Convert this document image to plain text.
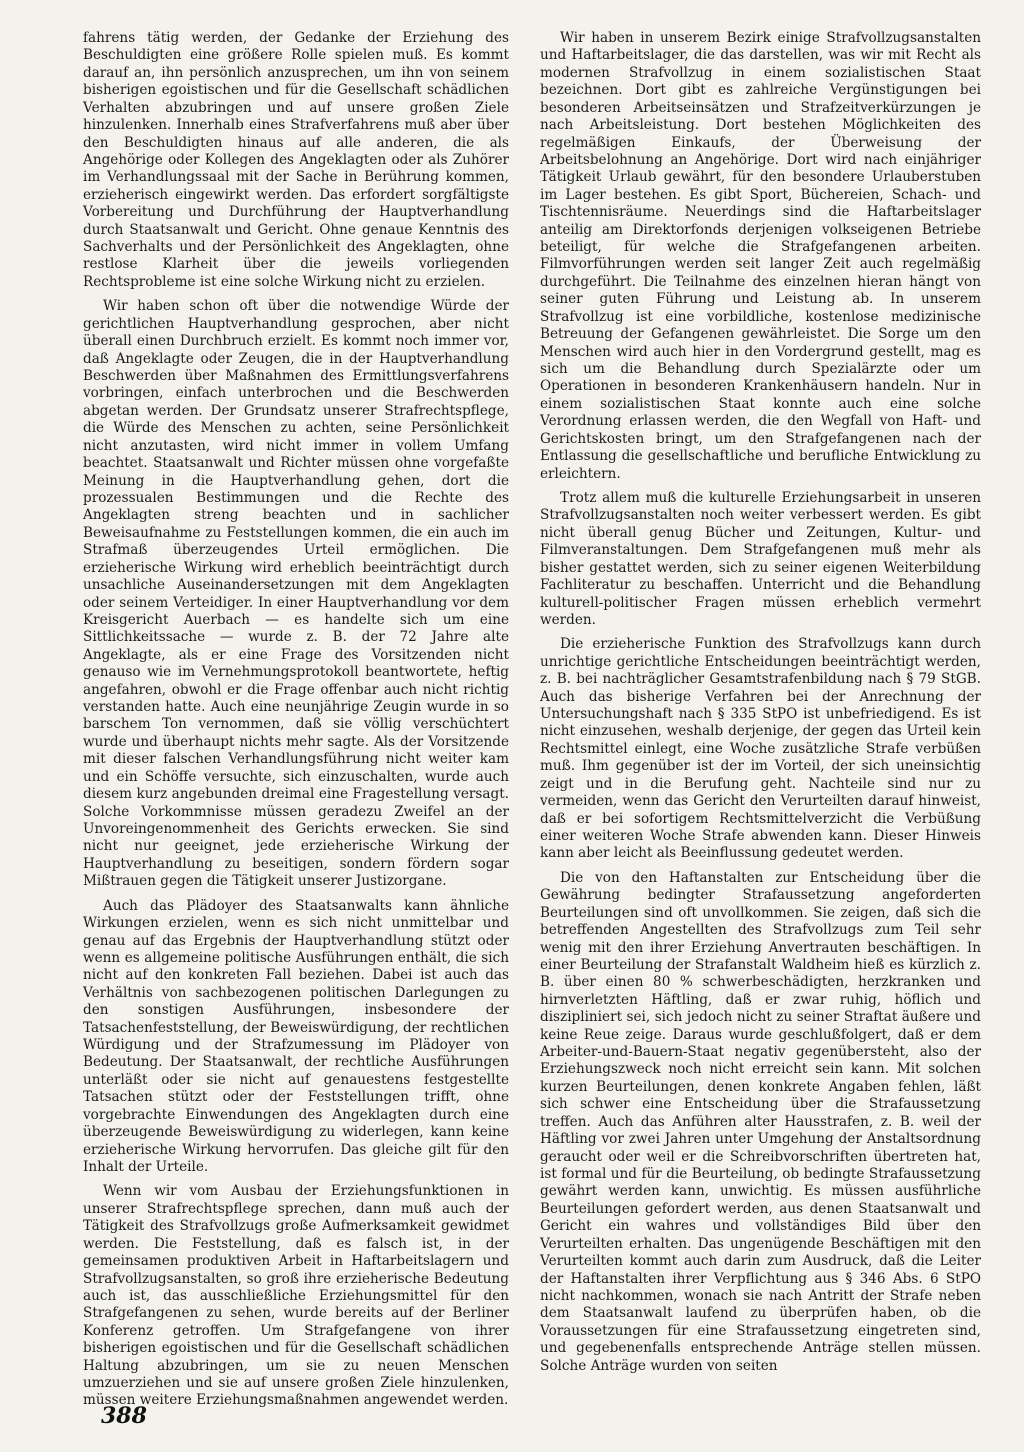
fahrens tätig werden, der Gedanke der Erziehung des Beschuldigten eine größere Rolle spielen muß. Es kommt darauf an, ihn persönlich anzusprechen, um ihn von seinem bisherigen egoistischen und für die Gesellschaft schädlichen Verhalten abzubringen und auf unsere großen Ziele hinzulenken. Innerhalb eines Strafverfahrens muß aber über den Beschuldigten hinaus auf alle anderen, die als Angehörige oder Kollegen des Angeklagten oder als Zuhörer im Verhandlungssaal mit der Sache in Berührung kommen, erzieherisch eingewirkt werden. Das erfordert sorgfältigste Vorbereitung und Durchführung der Hauptverhandlung durch Staatsanwalt und Gericht. Ohne genaue Kenntnis des Sachverhalts und der Persönlichkeit des Angeklagten, ohne restlose Klarheit über die jeweils vorliegenden Rechtsprobleme ist eine solche Wirkung nicht zu erzielen.

Wir haben schon oft über die notwendige Würde der gerichtlichen Hauptverhandlung gesprochen, aber nicht überall einen Durchbruch erzielt. Es kommt noch immer vor, daß Angeklagte oder Zeugen, die in der Hauptverhandlung Beschwerden über Maßnahmen des Ermittlungsverfahrens vorbringen, einfach unterbrochen und die Beschwerden abgetan werden. Der Grundsatz unserer Strafrechtspflege, die Würde des Menschen zu achten, seine Persönlichkeit nicht anzutasten, wird nicht immer in vollem Umfang beachtet. Staatsanwalt und Richter müssen ohne vorgefaßte Meinung in die Hauptverhandlung gehen, dort die prozessualen Bestimmungen und die Rechte des Angeklagten streng beachten und in sachlicher Beweisaufnahme zu Feststellungen kommen, die ein auch im Strafmaß überzeugendes Urteil ermöglichen. Die erzieherische Wirkung wird erheblich beeinträchtigt durch unsachliche Auseinandersetzungen mit dem Angeklagten oder seinem Verteidiger. In einer Hauptverhandlung vor dem Kreisgericht Auerbach — es handelte sich um eine Sittlichkeitssache — wurde z. B. der 72 Jahre alte Angeklagte, als er eine Frage des Vorsitzenden nicht genauso wie im Vernehmungsprotokoll beantwortete, heftig angefahren, obwohl er die Frage offenbar auch nicht richtig verstanden hatte. Auch eine neunjährige Zeugin wurde in so barschem Ton vernommen, daß sie völlig verschüchtert wurde und überhaupt nichts mehr sagte. Als der Vorsitzende mit dieser falschen Verhandlungsführung nicht weiter kam und ein Schöffe versuchte, sich einzuschalten, wurde auch diesem kurz angebunden dreimal eine Fragestellung versagt. Solche Vorkommnisse müssen geradezu Zweifel an der Unvoreingenommenheit des Gerichts erwecken. Sie sind nicht nur geeignet, jede erzieherische Wirkung der Hauptverhandlung zu beseitigen, sondern fördern sogar Mißtrauen gegen die Tätigkeit unserer Justizorgane.

Auch das Plädoyer des Staatsanwalts kann ähnliche Wirkungen erzielen, wenn es sich nicht unmittelbar und genau auf das Ergebnis der Hauptverhandlung stützt oder wenn es allgemeine politische Ausführungen enthält, die sich nicht auf den konkreten Fall beziehen. Dabei ist auch das Verhältnis von sachbezogenen politischen Darlegungen zu den sonstigen Ausführungen, insbesondere der Tatsachenfeststellung, der Beweiswürdigung, der rechtlichen Würdigung und der Strafzumessung im Plädoyer von Bedeutung. Der Staatsanwalt, der rechtliche Ausführungen unterläßt oder sie nicht auf genauestens festgestellte Tatsachen stützt oder der Feststellungen trifft, ohne vorgebrachte Einwendungen des Angeklagten durch eine überzeugende Beweiswürdigung zu widerlegen, kann keine erzieherische Wirkung hervorrufen. Das gleiche gilt für den Inhalt der Urteile.

Wenn wir vom Ausbau der Erziehungsfunktionen in unserer Strafrechtspflege sprechen, dann muß auch der Tätigkeit des Strafvollzugs große Aufmerksamkeit gewidmet werden. Die Feststellung, daß es falsch ist, in der gemeinsamen produktiven Arbeit in Haftarbeitslagern und Strafvollzugsanstalten, so groß ihre erzieherische Bedeutung auch ist, das ausschließliche Erziehungsmittel für den Strafgefangenen zu sehen, wurde bereits auf der Berliner Konferenz getroffen. Um Strafgefangene von ihrer bisherigen egoistischen und für die Gesellschaft schädlichen Haltung abzubringen, um sie zu neuen Menschen umzuerziehen und sie auf unsere großen Ziele hinzulenken, müssen weitere Erziehungsmaßnahmen angewendet werden.

Wir haben in unserem Bezirk einige Strafvollzugsanstalten und Haftarbeitslager, die das darstellen, was wir mit Recht als modernen Strafvollzug in einem sozialistischen Staat bezeichnen. Dort gibt es zahlreiche Vergünstigungen bei besonderen Arbeitseinsätzen und Strafzeitverkürzungen je nach Arbeitsleistung. Dort bestehen Möglichkeiten des regelmäßigen Einkaufs, der Überweisung der Arbeitsbelohnung an Angehörige. Dort wird nach einjähriger Tätigkeit Urlaub gewährt, für den besondere Urlauberstuben im Lager bestehen. Es gibt Sport, Büchereien, Schach- und Tischtennisräume. Neuerdings sind die Haftarbeitslager anteilig am Direktorfonds derjenigen volkseigenen Betriebe beteiligt, für welche die Strafgefangenen arbeiten. Filmvorführungen werden seit langer Zeit auch regelmäßig durchgeführt. Die Teilnahme des einzelnen hieran hängt von seiner guten Führung und Leistung ab. In unserem Strafvollzug ist eine vorbildliche, kostenlose medizinische Betreuung der Gefangenen gewährleistet. Die Sorge um den Menschen wird auch hier in den Vordergrund gestellt, mag es sich um die Behandlung durch Spezialärzte oder um Operationen in besonderen Krankenhäusern handeln. Nur in einem sozialistischen Staat konnte auch eine solche Verordnung erlassen werden, die den Wegfall von Haft- und Gerichtskosten bringt, um den Strafgefangenen nach der Entlassung die gesellschaftliche und berufliche Entwicklung zu erleichtern.

Trotz allem muß die kulturelle Erziehungsarbeit in unseren Strafvollzugsanstalten noch weiter verbessert werden. Es gibt nicht überall genug Bücher und Zeitungen, Kultur- und Filmveranstaltungen. Dem Strafgefangenen muß mehr als bisher gestattet werden, sich zu seiner eigenen Weiterbildung Fachliteratur zu beschaffen. Unterricht und die Behandlung kulturell-politischer Fragen müssen erheblich vermehrt werden.

Die erzieherische Funktion des Strafvollzugs kann durch unrichtige gerichtliche Entscheidungen beeinträchtigt werden, z. B. bei nachträglicher Gesamtstrafenbildung nach § 79 StGB. Auch das bisherige Verfahren bei der Anrechnung der Untersuchungshaft nach § 335 StPO ist unbefriedigend. Es ist nicht einzusehen, weshalb derjenige, der gegen das Urteil kein Rechtsmittel einlegt, eine Woche zusätzliche Strafe verbüßen muß. Ihm gegenüber ist der im Vorteil, der sich uneinsichtig zeigt und in die Berufung geht. Nachteile sind nur zu vermeiden, wenn das Gericht den Verurteilten darauf hinweist, daß er bei sofortigem Rechtsmittelverzicht die Verbüßung einer weiteren Woche Strafe abwenden kann. Dieser Hinweis kann aber leicht als Beeinflussung gedeutet werden.

Die von den Haftanstalten zur Entscheidung über die Gewährung bedingter Strafaussetzung angeforderten Beurteilungen sind oft unvollkommen. Sie zeigen, daß sich die betreffenden Angestellten des Strafvollzugs zum Teil sehr wenig mit den ihrer Erziehung Anvertrauten beschäftigen. In einer Beurteilung der Strafanstalt Waldheim hieß es kürzlich z. B. über einen 80 % schwerbeschädigten, herzkranken und hirnverletzten Häftling, daß er zwar ruhig, höflich und diszipliniert sei, sich jedoch nicht zu seiner Straftat äußere und keine Reue zeige. Daraus wurde geschlußfolgert, daß er dem Arbeiter-und-Bauern-Staat negativ gegenübersteht, also der Erziehungszweck noch nicht erreicht sein kann. Mit solchen kurzen Beurteilungen, denen konkrete Angaben fehlen, läßt sich schwer eine Entscheidung über die Strafaussetzung treffen. Auch das Anführen alter Hausstrafen, z. B. weil der Häftling vor zwei Jahren unter Umgehung der Anstaltsordnung geraucht oder weil er die Schreibvorschriften übertreten hat, ist formal und für die Beurteilung, ob bedingte Strafaussetzung gewährt werden kann, unwichtig. Es müssen ausführliche Beurteilungen gefordert werden, aus denen Staatsanwalt und Gericht ein wahres und vollständiges Bild über den Verurteilten erhalten. Das ungenügende Beschäftigen mit den Verurteilten kommt auch darin zum Ausdruck, daß die Leiter der Haftanstalten ihrer Verpflichtung aus § 346 Abs. 6 StPO nicht nachkommen, wonach sie nach Antritt der Strafe neben dem Staatsanwalt laufend zu überprüfen haben, ob die Voraussetzungen für eine Strafaussetzung eingetreten sind, und gegebenenfalls entsprechende Anträge stellen müssen. Solche Anträge wurden von seiten

388
